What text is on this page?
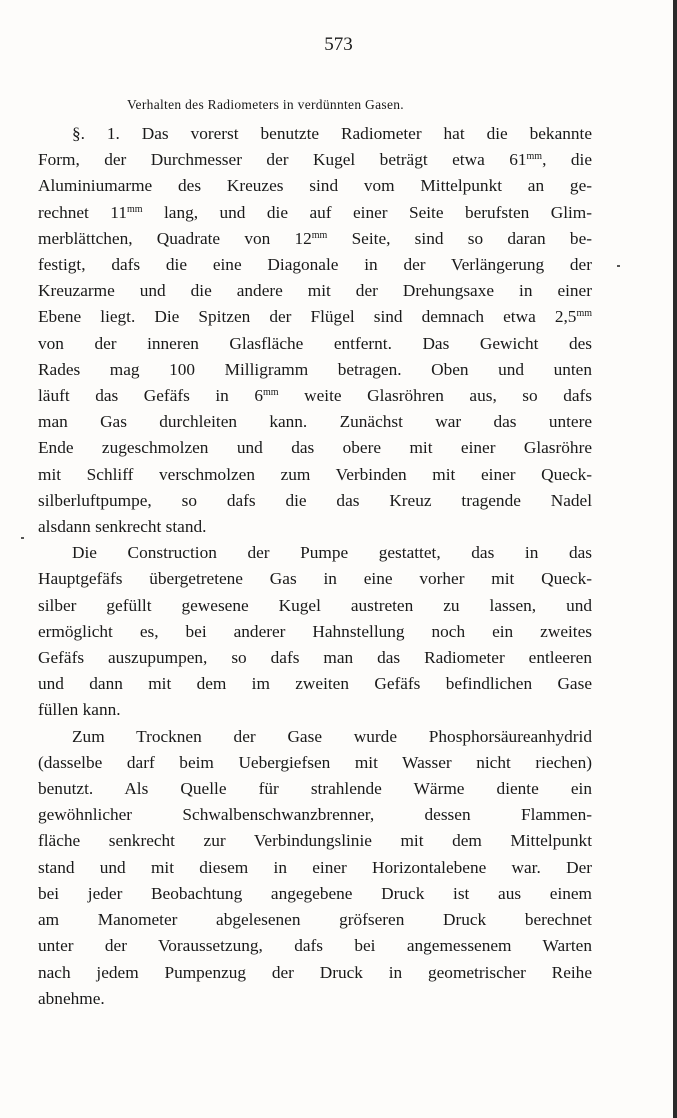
573
Verhalten des Radiometers in verdünnten Gasen.

§. 1. Das vorerst benutzte Radiometer hat die bekannte
Form, der Durchmesser der Kugel beträgt etwa $61^{mm}$, die
Aluminiumarme des Kreuzes sind vom Mittelpunkt an ge-
rechnet $11^{mm}$ lang, und die auf einer Seite berufsten Glim-
merblättchen, Quadrate von $12^{mm}$ Seite, sind so daran be-
festigt, dafs die eine Diagonale in der Verlängerung der
Kreuzarme und die andere mit der Drehungsaxe in einer
Ebene liegt. Die Spitzen der Flügel sind demnach etwa $2,5^{mm}$
von der inneren Glasfläche entfernt. Das Gewicht des
Rades mag 100 Milligramm betragen. Oben und unten
läuft das Gefäfs in $6^{mm}$ weite Glasröhren aus, so dafs
man Gas durchleiten kann. Zunächst war das untere
Ende zugeschmolzen und das obere mit einer Glasröhre
mit Schliff verschmolzen zum Verbinden mit einer Queck-
silberluftpumpe, so dafs die das Kreuz tragende Nadel
alsdann senkrecht stand.

Die Construction der Pumpe gestattet, das in das
Hauptgefäfs übergetretene Gas in eine vorher mit Queck-
silber gefüllt gewesene Kugel austreten zu lassen, und
ermöglicht es, bei anderer Hahnstellung noch ein zweites
Gefäfs auszupumpen, so dafs man das Radiometer entleeren
und dann mit dem im zweiten Gefäfs befindlichen Gase
füllen kann.

Zum Trocknen der Gase wurde Phosphorsäureanhydrid
(dasselbe darf beim Uebergiefsen mit Wasser nicht riechen)
benutzt. Als Quelle für strahlende Wärme diente ein
gewöhnlicher Schwalbenschwanzbrenner, dessen Flammen-
fläche senkrecht zur Verbindungslinie mit dem Mittelpunkt
stand und mit diesem in einer Horizontalebene war. Der
bei jeder Beobachtung angegebene Druck ist aus einem
am Manometer abgelesenen gröfseren Druck berechnet
unter der Voraussetzung, dafs bei angemessenem Warten
nach jedem Pumpenzug der Druck in geometrischer Reihe
abnehme.
